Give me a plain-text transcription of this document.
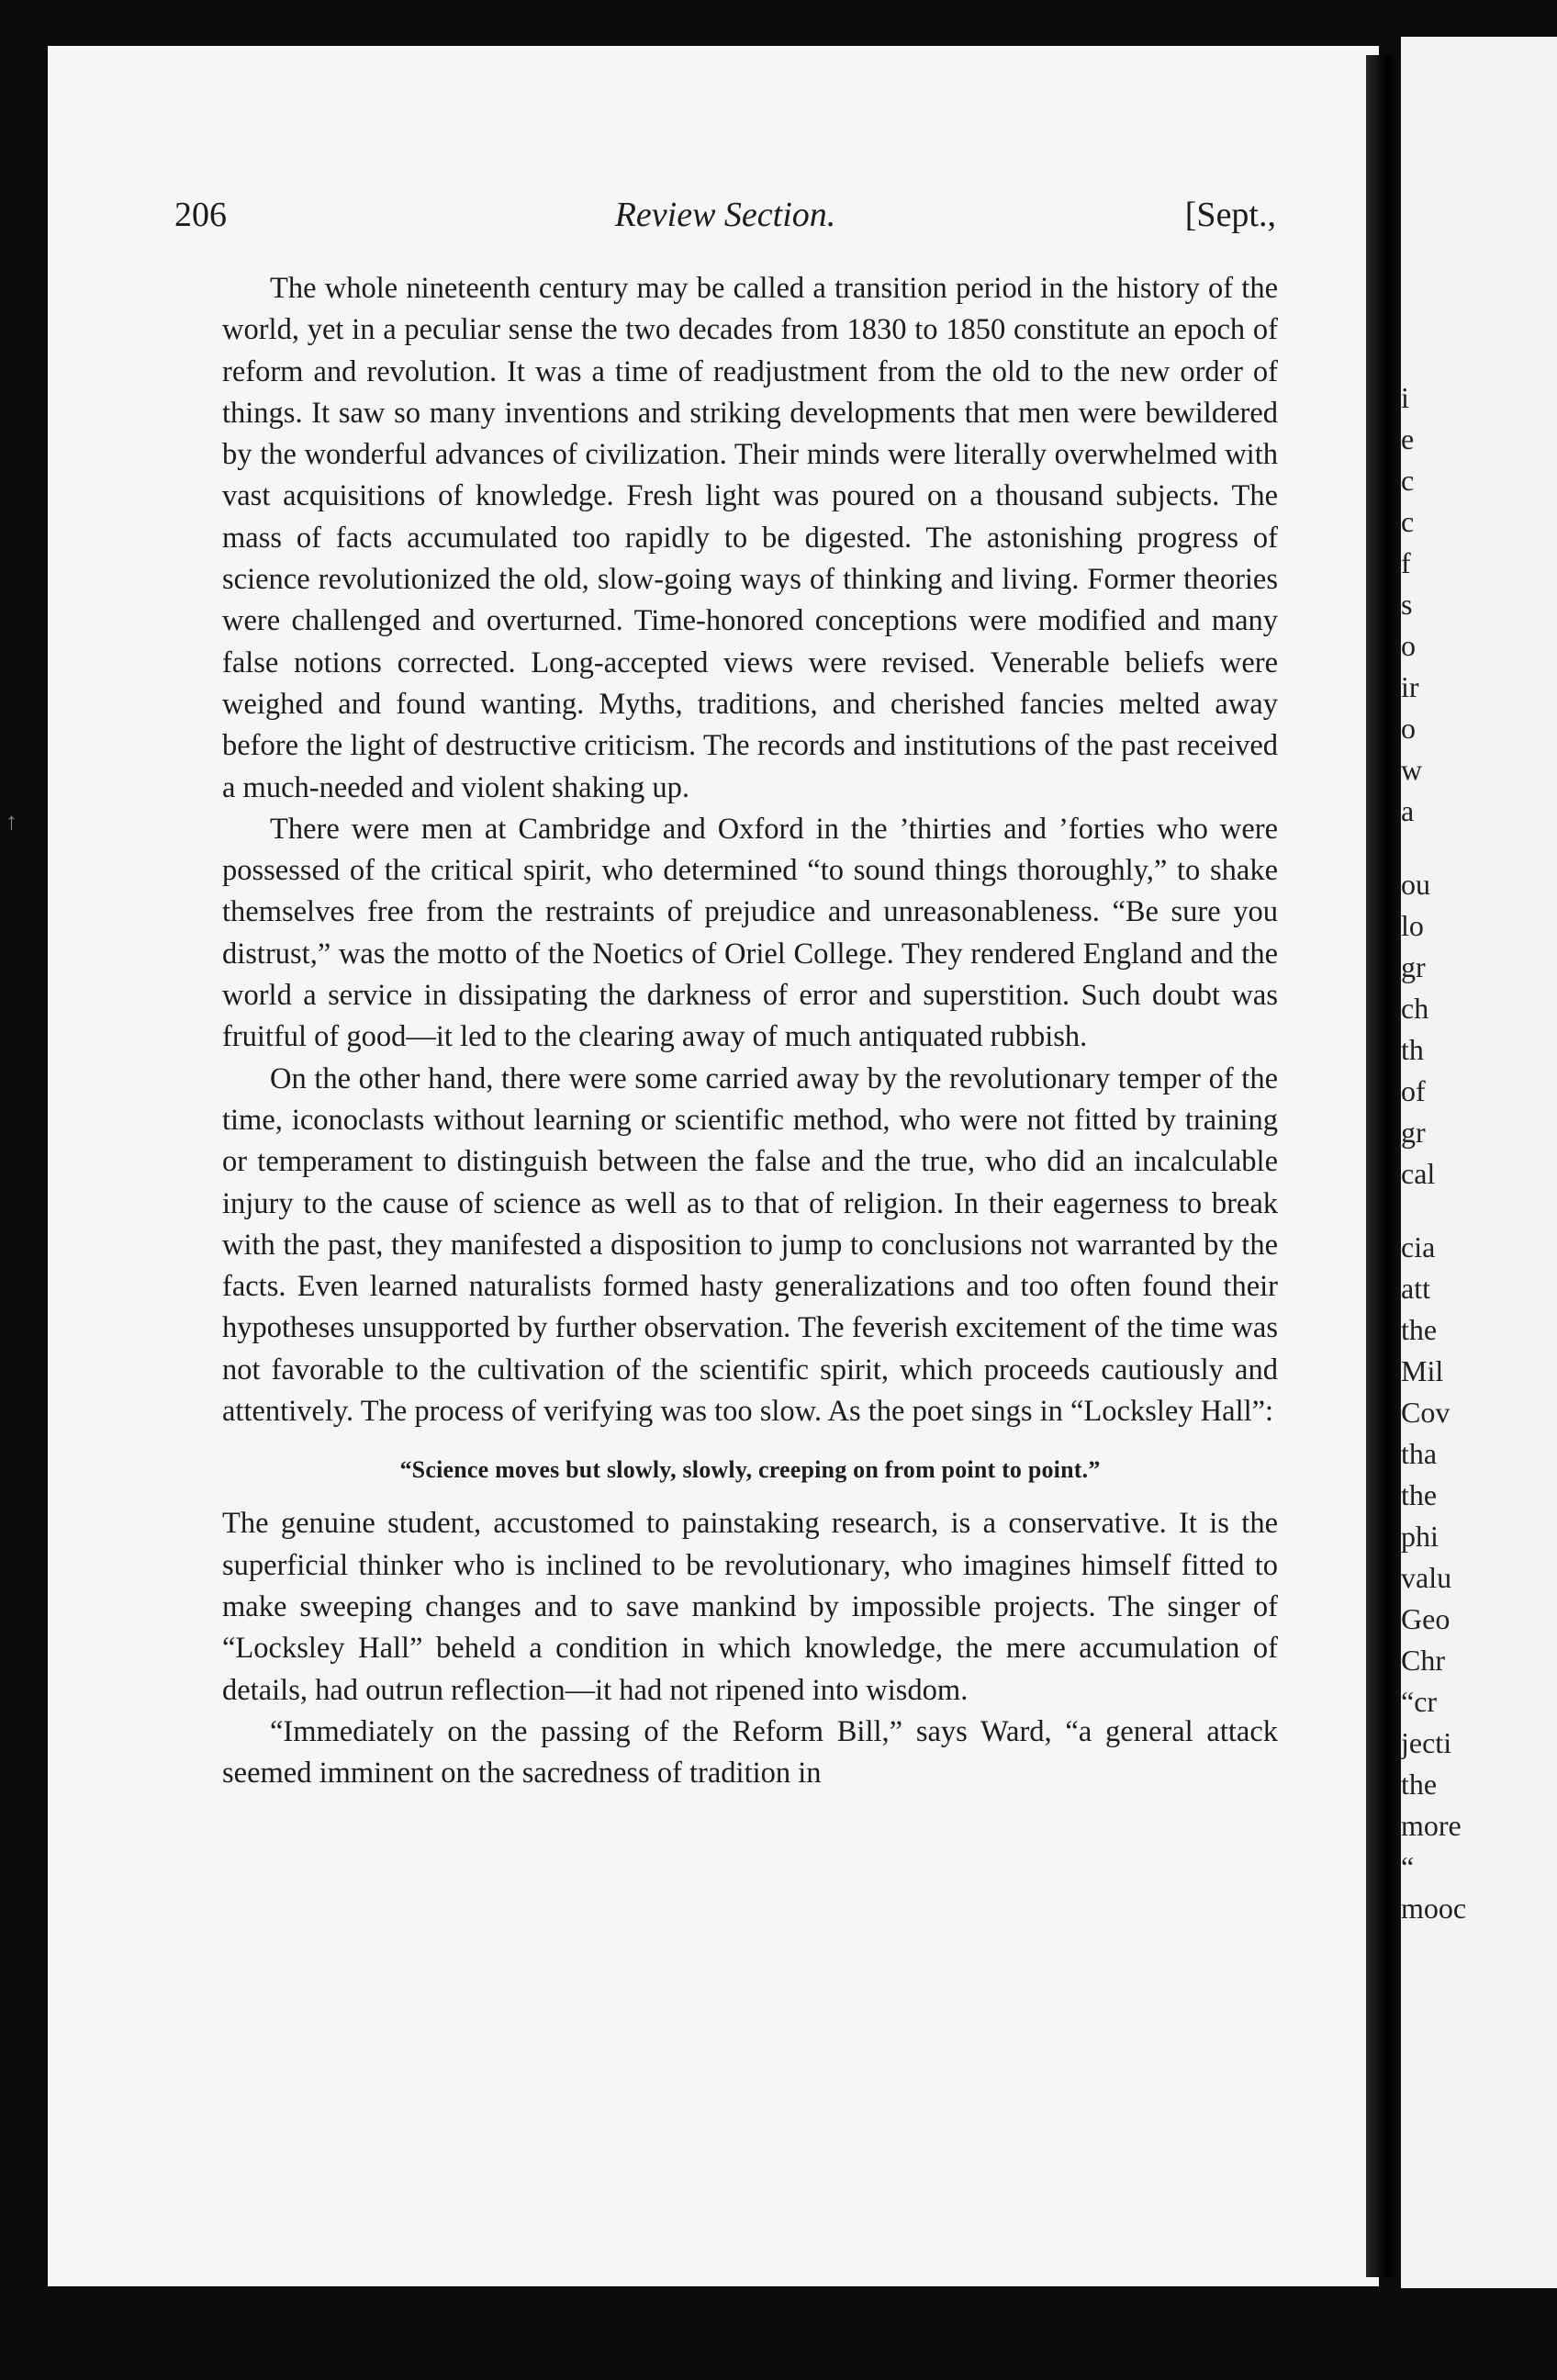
i
e
c
c
f
s
o
ir
o
w
a
ou
lo
gr
ch
th
of
gr
cal
cia
att
the
Mil
Cov
tha
the
phi
valu
Geo
Chr
“cr
jecti
the
more
“
mooc
↑
206	Review Section.	[Sept.,

The whole nineteenth century may be called a transition period in the history of the world, yet in a peculiar sense the two decades from 1830 to 1850 constitute an epoch of reform and revolution. It was a time of readjustment from the old to the new order of things. It saw so many inventions and striking developments that men were bewildered by the wonderful advances of civilization. Their minds were literally overwhelmed with vast acquisitions of knowledge. Fresh light was poured on a thousand subjects. The mass of facts accumulated too rapidly to be digested. The astonishing progress of science revolutionized the old, slow-going ways of thinking and living. Former theories were challenged and overturned. Time-honored conceptions were modified and many false notions corrected. Long-accepted views were revised. Venerable beliefs were weighed and found wanting. Myths, traditions, and cherished fancies melted away before the light of destructive criticism. The records and institutions of the past received a much-needed and violent shaking up.

There were men at Cambridge and Oxford in the ’thirties and ’forties who were possessed of the critical spirit, who determined “to sound things thoroughly,” to shake themselves free from the restraints of prejudice and unreasonableness. “Be sure you distrust,” was the motto of the Noetics of Oriel College. They rendered England and the world a service in dissipating the darkness of error and superstition. Such doubt was fruitful of good—it led to the clearing away of much antiquated rubbish.

On the other hand, there were some carried away by the revolutionary temper of the time, iconoclasts without learning or scientific method, who were not fitted by training or temperament to distinguish between the false and the true, who did an incalculable injury to the cause of science as well as to that of religion. In their eagerness to break with the past, they manifested a disposition to jump to conclusions not warranted by the facts. Even learned naturalists formed hasty generalizations and too often found their hypotheses unsupported by further observation. The feverish excitement of the time was not favorable to the cultivation of the scientific spirit, which proceeds cautiously and attentively. The process of verifying was too slow. As the poet sings in “Locksley Hall”:

“Science moves but slowly, slowly, creeping on from point to point.”

The genuine student, accustomed to painstaking research, is a conservative. It is the superficial thinker who is inclined to be revolutionary, who imagines himself fitted to make sweeping changes and to save mankind by impossible projects. The singer of “Locksley Hall” beheld a condition in which knowledge, the mere accumulation of details, had outrun reflection—it had not ripened into wisdom.

“Immediately on the passing of the Reform Bill,” says Ward, “a general attack seemed imminent on the sacredness of tradition in
